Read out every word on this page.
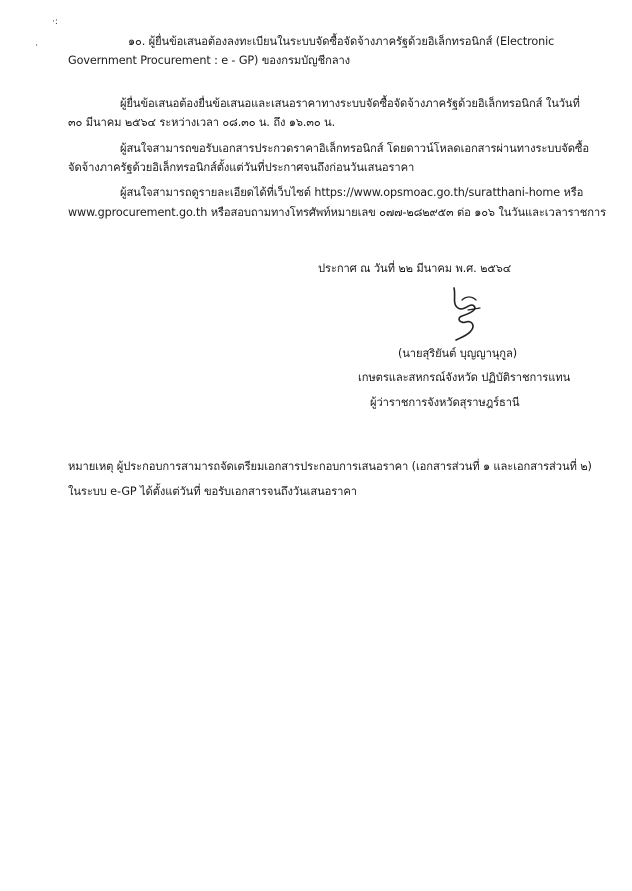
·:
·	๑๐. ผู้ยื่นข้อเสนอต้องลงทะเบียนในระบบจัดซื้อจัดจ้างภาครัฐด้วยอิเล็กทรอนิกส์ (Electronic
Government Procurement : e - GP) ของกรมบัญชีกลาง
ผู้ยื่นข้อเสนอต้องยื่นข้อเสนอและเสนอราคาทางระบบจัดซื้อจัดจ้างภาครัฐด้วยอิเล็กทรอนิกส์ ในวันที่
๓๐ มีนาคม ๒๕๖๔ ระหว่างเวลา ๐๘.๓๐ น. ถึง ๑๖.๓๐ น.
ผู้สนใจสามารถขอรับเอกสารประกวดราคาอิเล็กทรอนิกส์ โดยดาวน์โหลดเอกสารผ่านทางระบบจัดซื้อ
จัดจ้างภาครัฐด้วยอิเล็กทรอนิกส์ตั้งแต่วันที่ประกาศจนถึงก่อนวันเสนอราคา
ผู้สนใจสามารถดูรายละเอียดได้ที่เว็บไซต์ https://www.opsmoac.go.th/suratthani-home หรือ
www.gprocurement.go.th หรือสอบถามทางโทรศัพท์หมายเลข ๐๗๗-๒๘๒๙๕๓ ต่อ ๑๐๖ ในวันและเวลาราชการ
ประกาศ ณ วันที่ ๒๒ มีนาคม พ.ศ. ๒๕๖๔
(นายสุริยันต์ บุญญานุกูล)
เกษตรและสหกรณ์จังหวัด ปฏิบัติราชการแทน
ผู้ว่าราชการจังหวัดสุราษฎร์ธานี
หมายเหตุ ผู้ประกอบการสามารถจัดเตรียมเอกสารประกอบการเสนอราคา (เอกสารส่วนที่ ๑ และเอกสารส่วนที่ ๒)
ในระบบ e-GP ได้ตั้งแต่วันที่ ขอรับเอกสารจนถึงวันเสนอราคา
